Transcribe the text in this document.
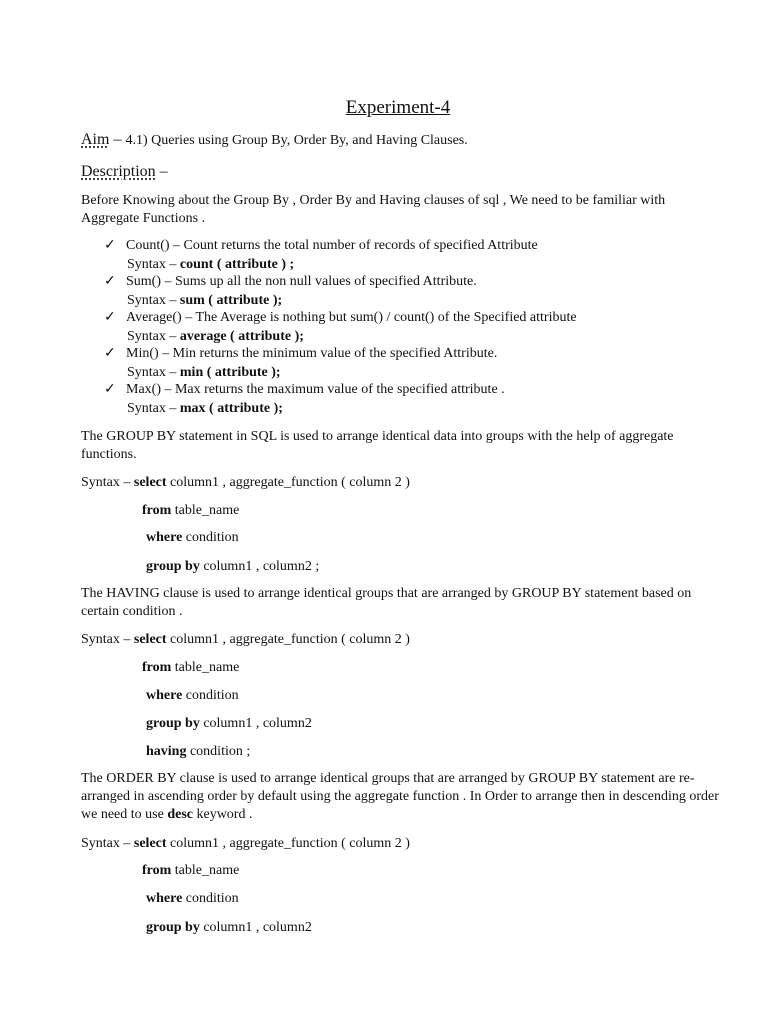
Experiment-4
Aim – 4.1) Queries using Group By, Order By, and Having Clauses.
Description –
Before Knowing about the Group By , Order By and Having clauses of sql , We need to be familiar with Aggregate Functions .
✓ Count() – Count returns the total number of records of specified Attribute
Syntax – count ( attribute ) ;
✓ Sum() – Sums up all the non null values of specified Attribute.
Syntax – sum ( attribute );
✓ Average() – The Average is nothing but sum() / count() of the Specified attribute
Syntax – average ( attribute );
✓ Min() – Min returns the minimum value of the specified Attribute.
Syntax – min ( attribute );
✓ Max() – Max returns the maximum value of the specified attribute .
Syntax – max ( attribute );
The GROUP BY statement in SQL is used to arrange identical data into groups with the help of aggregate functions.
Syntax – select column1 , aggregate_function ( column 2 )
from table_name
where condition
group by column1 , column2 ;
The HAVING clause is used to arrange identical groups that are arranged by GROUP BY statement based on certain condition .
Syntax – select column1 , aggregate_function ( column 2 )
from table_name
where condition
group by column1 , column2
having condition ;
The ORDER BY clause is used to arrange identical groups that are arranged by GROUP BY statement are re-arranged in ascending order by default using the aggregate function . In Order to arrange then in descending order we need to use desc keyword .
Syntax – select column1 , aggregate_function ( column 2 )
from table_name
where condition
group by column1 , column2
